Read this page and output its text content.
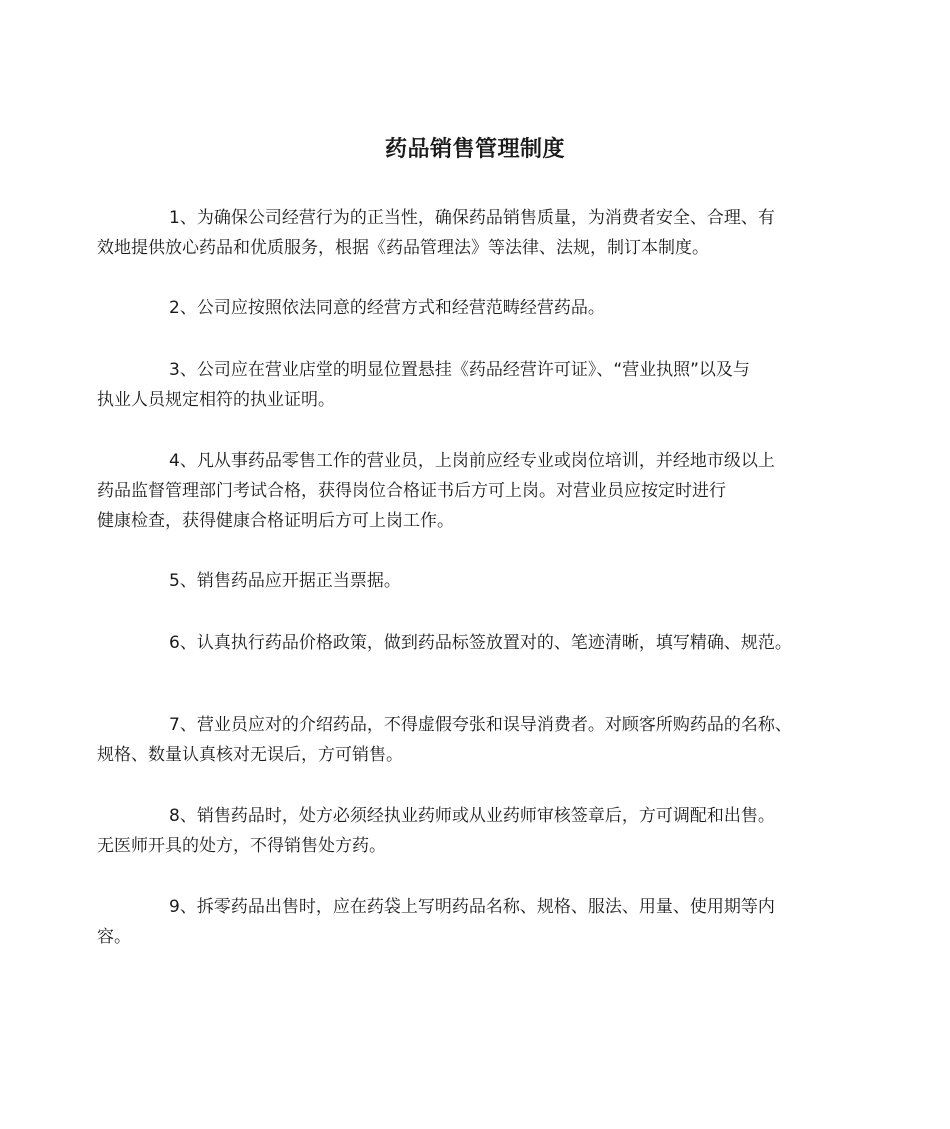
药品销售管理制度

1、为确保公司经营行为的正当性，确保药品销售质量，为消费者安全、合理、有
效地提供放心药品和优质服务，根据《药品管理法》等法律、法规，制订本制度。

2、公司应按照依法同意的经营方式和经营范畴经营药品。

3、公司应在营业店堂的明显位置悬挂《药品经营许可证》、“营业执照”以及与
执业人员规定相符的执业证明。

4、凡从事药品零售工作的营业员，上岗前应经专业或岗位培训，并经地市级以上
药品监督管理部门考试合格，获得岗位合格证书后方可上岗。对营业员应按定时进行
健康检查，获得健康合格证明后方可上岗工作。

5、销售药品应开据正当票据。

6、认真执行药品价格政策，做到药品标签放置对的、笔迹清晰，填写精确、规范。

7、营业员应对的介绍药品，不得虚假夸张和误导消费者。对顾客所购药品的名称、
规格、数量认真核对无误后，方可销售。

8、销售药品时，处方必须经执业药师或从业药师审核签章后，方可调配和出售。
无医师开具的处方，不得销售处方药。

9、拆零药品出售时，应在药袋上写明药品名称、规格、服法、用量、使用期等内
容。
